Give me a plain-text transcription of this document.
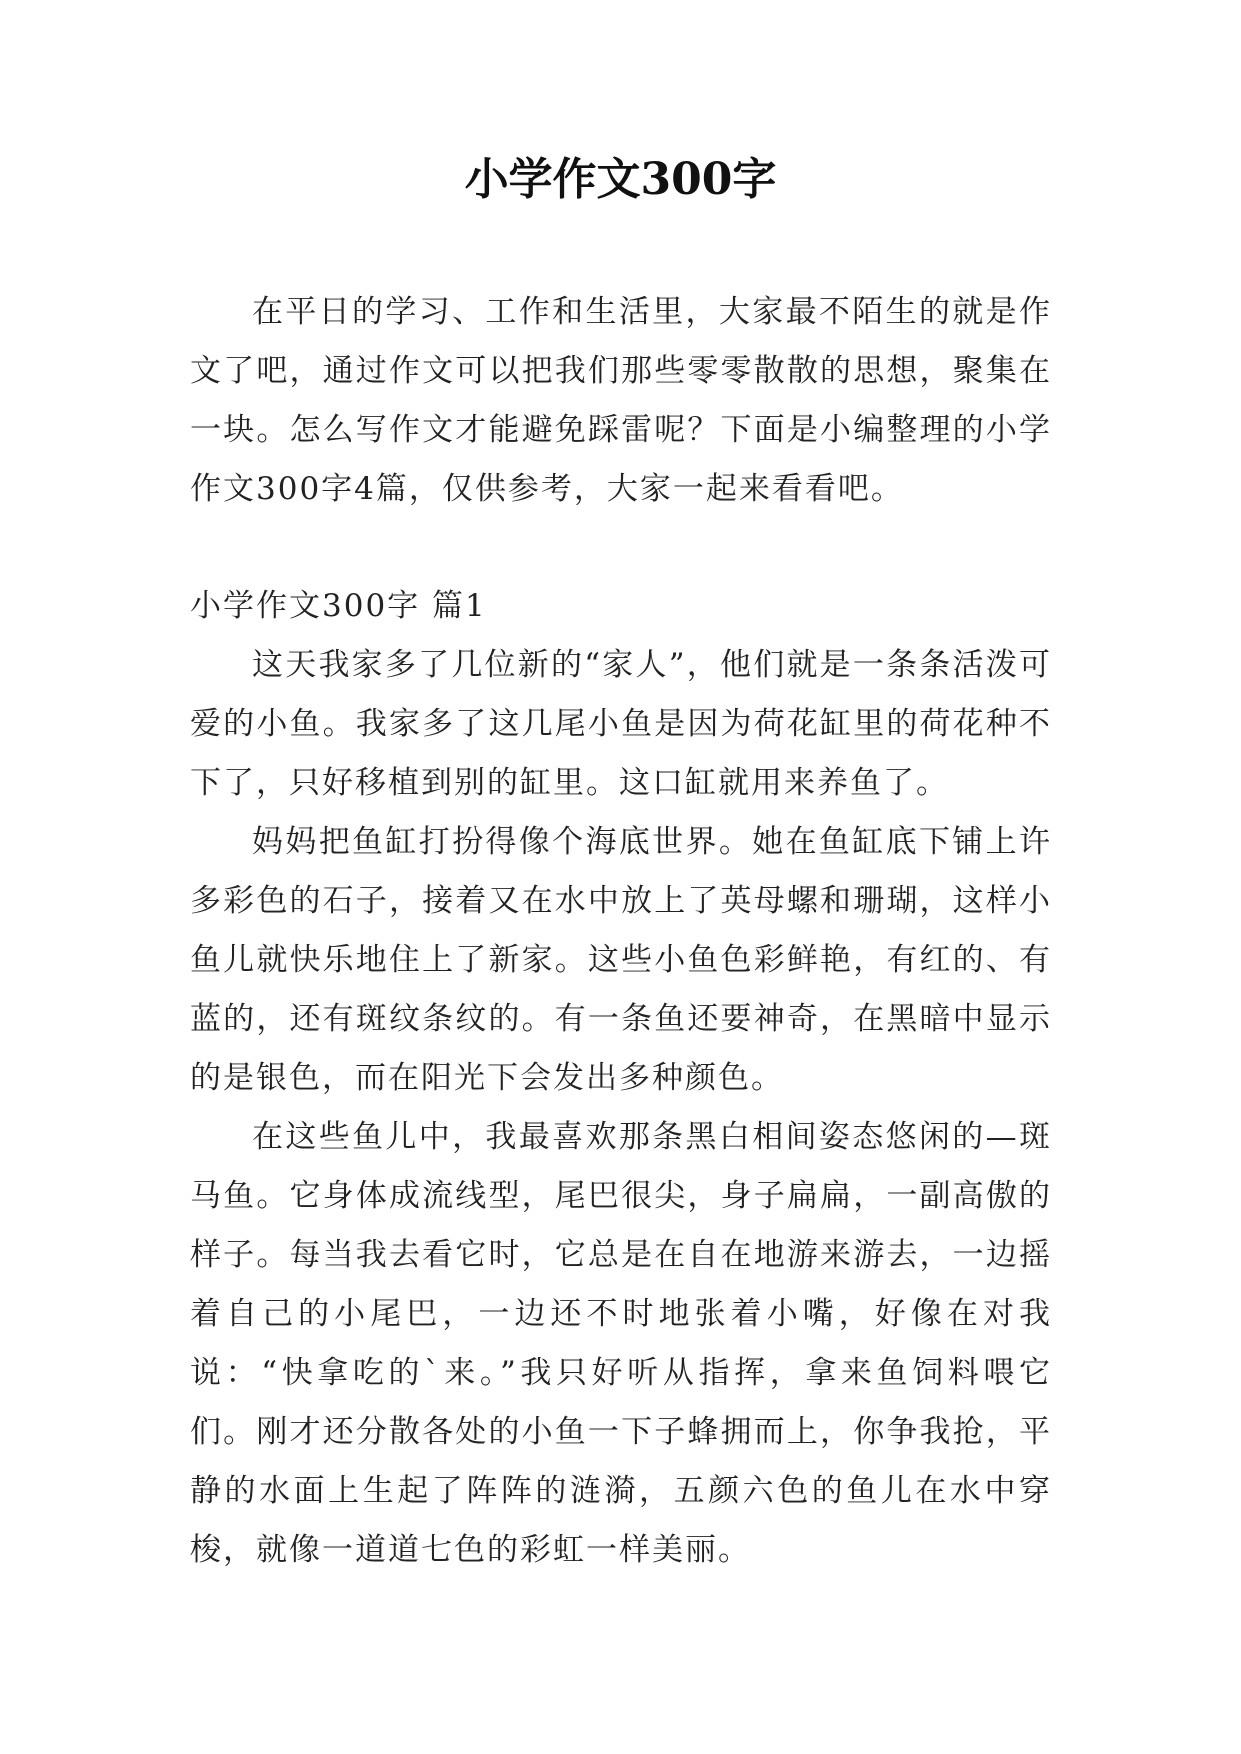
小学作文300字

在平日的学习、工作和生活里，大家最不陌生的就是作文了吧，通过作文可以把我们那些零零散散的思想，聚集在一块。怎么写作文才能避免踩雷呢？下面是小编整理的小学作文300字4篇，仅供参考，大家一起来看看吧。

小学作文300字 篇1

这天我家多了几位新的“家人”，他们就是一条条活泼可爱的小鱼。我家多了这几尾小鱼是因为荷花缸里的荷花种不下了，只好移植到别的缸里。这口缸就用来养鱼了。

妈妈把鱼缸打扮得像个海底世界。她在鱼缸底下铺上许多彩色的石子，接着又在水中放上了英母螺和珊瑚，这样小鱼儿就快乐地住上了新家。这些小鱼色彩鲜艳，有红的、有蓝的，还有斑纹条纹的。有一条鱼还要神奇，在黑暗中显示的是银色，而在阳光下会发出多种颜色。

在这些鱼儿中，我最喜欢那条黑白相间姿态悠闲的—斑马鱼。它身体成流线型，尾巴很尖，身子扁扁，一副高傲的样子。每当我去看它时，它总是在自在地游来游去，一边摇着自己的小尾巴，一边还不时地张着小嘴，好像在对我说：“快拿吃的`来。”我只好听从指挥，拿来鱼饲料喂它们。刚才还分散各处的小鱼一下子蜂拥而上，你争我抢，平静的水面上生起了阵阵的涟漪，五颜六色的鱼儿在水中穿梭，就像一道道七色的彩虹一样美丽。
